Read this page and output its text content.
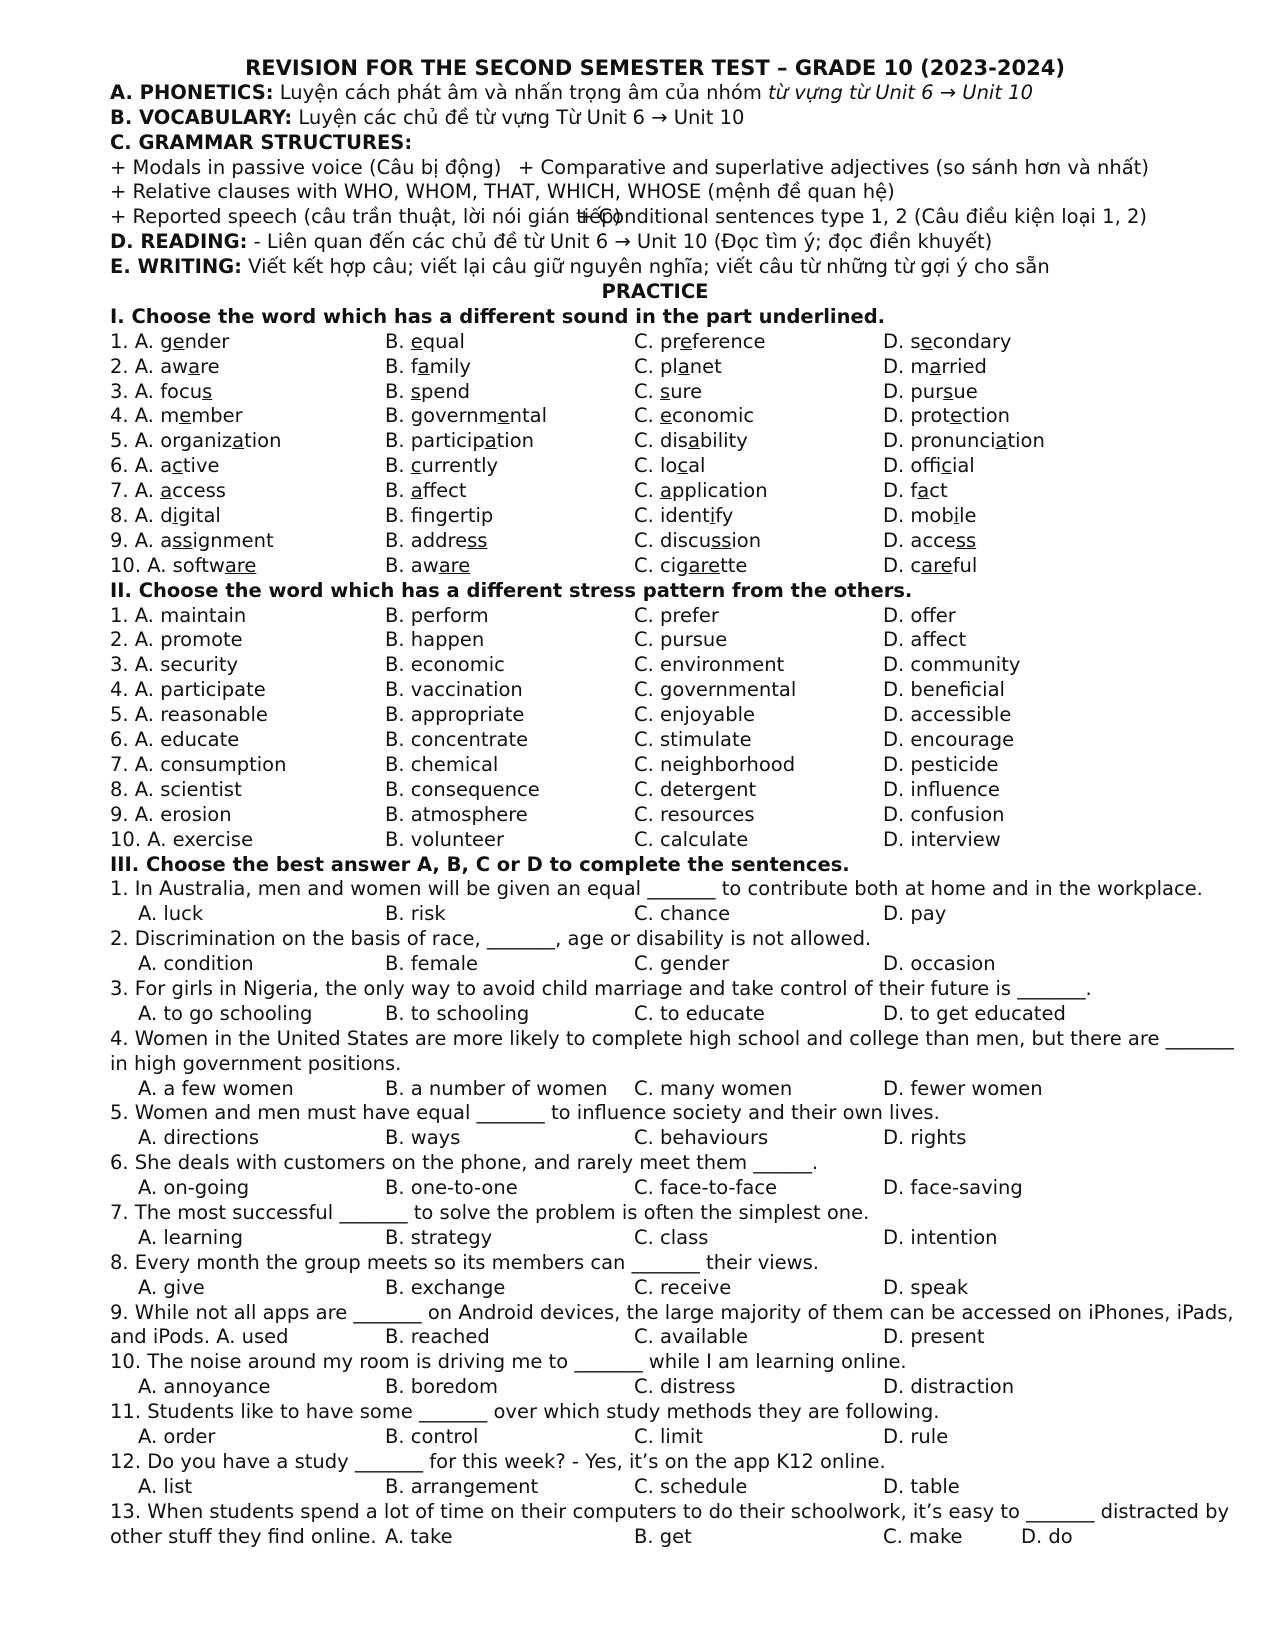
REVISION FOR THE SECOND SEMESTER TEST – GRADE 10 (2023-2024)
A. PHONETICS: Luyện cách phát âm và nhấn trọng âm của nhóm từ vựng từ Unit 6 → Unit 10
B. VOCABULARY: Luyện các chủ đề từ vựng Từ Unit 6 → Unit 10
C. GRAMMAR STRUCTURES:
+ Modals in passive voice (Câu bị động) + Comparative and superlative adjectives (so sánh hơn và nhất)
+ Relative clauses with WHO, WHOM, THAT, WHICH, WHOSE (mệnh đề quan hệ)
+ Reported speech (câu trần thuật, lời nói gián tiếp)
+ Conditional sentences type 1, 2 (Câu điều kiện loại 1, 2)
D. READING: - Liên quan đến các chủ đề từ Unit 6 → Unit 10 (Đọc tìm ý; đọc điền khuyết)
E. WRITING: Viết kết hợp câu; viết lại câu giữ nguyên nghĩa; viết câu từ những từ gợi ý cho sẵn
PRACTICE
I. Choose the word which has a different sound in the part underlined.
1. A. gender	B. equal	C. preference	D. secondary
2. A. aware	B. family	C. planet	D. married
3. A. focus	B. spend	C. sure	D. pursue
4. A. member	B. governmental	C. economic	D. protection
5. A. organization	B. participation	C. disability	D. pronunciation
6. A. active	B. currently	C. local	D. official
7. A. access	B. affect	C. application	D. fact
8. A. digital	B. fngertip	C. identify	D. mobile
9. A. assignment	B. address	C. discussion	D. access
10. A. software	B. aware	C. cigarette	D. careful
II. Choose the word which has a different stress pattern from the others.
1. A. maintain	B. perform	C. prefer	D. offer
2. A. promote	B. happen	C. pursue	D. affect
3. A. security	B. economic	C. environment	D. community
4. A. participate	B. vaccination	C. governmental	D. beneficial
5. A. reasonable	B. appropriate	C. enjoyable	D. accessible
6. A. educate	B. concentrate	C. stimulate	D. encourage
7. A. consumption	B. chemical	C. neighborhood	D. pesticide
8. A. scientist	B. consequence	C. detergent	D. influence
9. A. erosion	B. atmosphere	C. resources	D. confusion
10. A. exercise	B. volunteer	C. calculate	D. interview
III. Choose the best answer A, B, C or D to complete the sentences.
1. In Australia, men and women will be given an equal _______ to contribute both at home and in the workplace.
A. luck	B. risk	C. chance	D. pay
2. Discrimination on the basis of race, _______, age or disability is not allowed.
A. condition	B. female	C. gender	D. occasion
3. For girls in Nigeria, the only way to avoid child marriage and take control of their future is _______.
A. to go schooling	B. to schooling	C. to educate	D. to get educated
4. Women in the United States are more likely to complete high school and college than men, but there are _______
in high government positions.
A. a few women	B. a number of women C. many women	D. fewer women
5. Women and men must have equal _______ to influence society and their own lives.
A. directions	B. ways	C. behaviours	D. rights
6. She deals with customers on the phone, and rarely meet them ______.
A. on-going	B. one-to-one	C. face-to-face	D. face-saving
7. The most successful _______ to solve the problem is often the simplest one.
A. learning	B. strategy	C. class	D. intention
8. Every month the group meets so its members can _______ their views.
A. give	B. exchange	C. receive	D. speak
9. While not all apps are _______ on Android devices, the large majority of them can be accessed on iPhones, iPads,
and iPods. A. used	B. reached	C. available	D. present
10. The noise around my room is driving me to _______ while I am learning online.
A. annoyance	B. boredom	C. distress	D. distraction
11. Students like to have some _______ over which study methods they are following.
A. order	B. control	C. limit	D. rule
12. Do you have a study _______ for this week? - Yes, it’s on the app K12 online.
A. list	B. arrangement	C. schedule	D. table
13. When students spend a lot of time on their computers to do their schoolwork, it’s easy to _______ distracted by
other stuff they find online. A. take	B. get	C. make	D. do
